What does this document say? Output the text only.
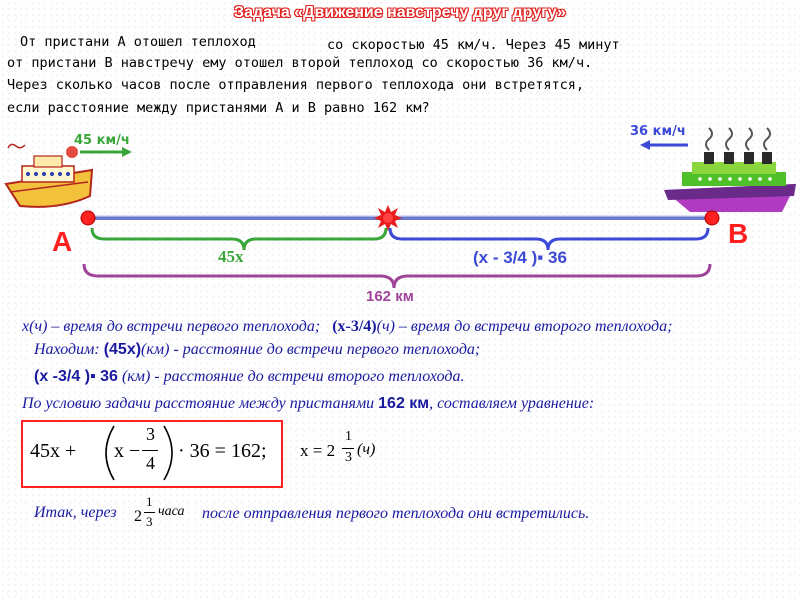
Задача «Движение навстречу друг другу»
От пристани А отошел теплоход	со скоростью 45 км/ч. Через 45 минут
от пристани В навстречу ему отошел второй теплоход со скоростью 36 км/ч.
Через сколько часов после отправления первого теплохода они встретятся,
если расстояние между пристанями А и В равно 162 км?
45 км/ч
36 км/ч
А	В
45x	(x - 3/4 )▪ 36
162 км
x(ч) – время до встречи первого теплохода; (x-3/4)(ч) – время до встречи второго теплохода;
Находим: (45x)(км) - расстояние до встречи первого теплохода;
(x -3/4 )▪ 36 (км) - расстояние до встречи второго теплохода.
По условию задачи расстояние между пристанями 162 км, составляем уравнение:
45x + x −
3
4
· 36 = 162; x = 2
1
3 (ч)
Итак, через 2
1
3
часа после отправления первого теплохода они встретились.
